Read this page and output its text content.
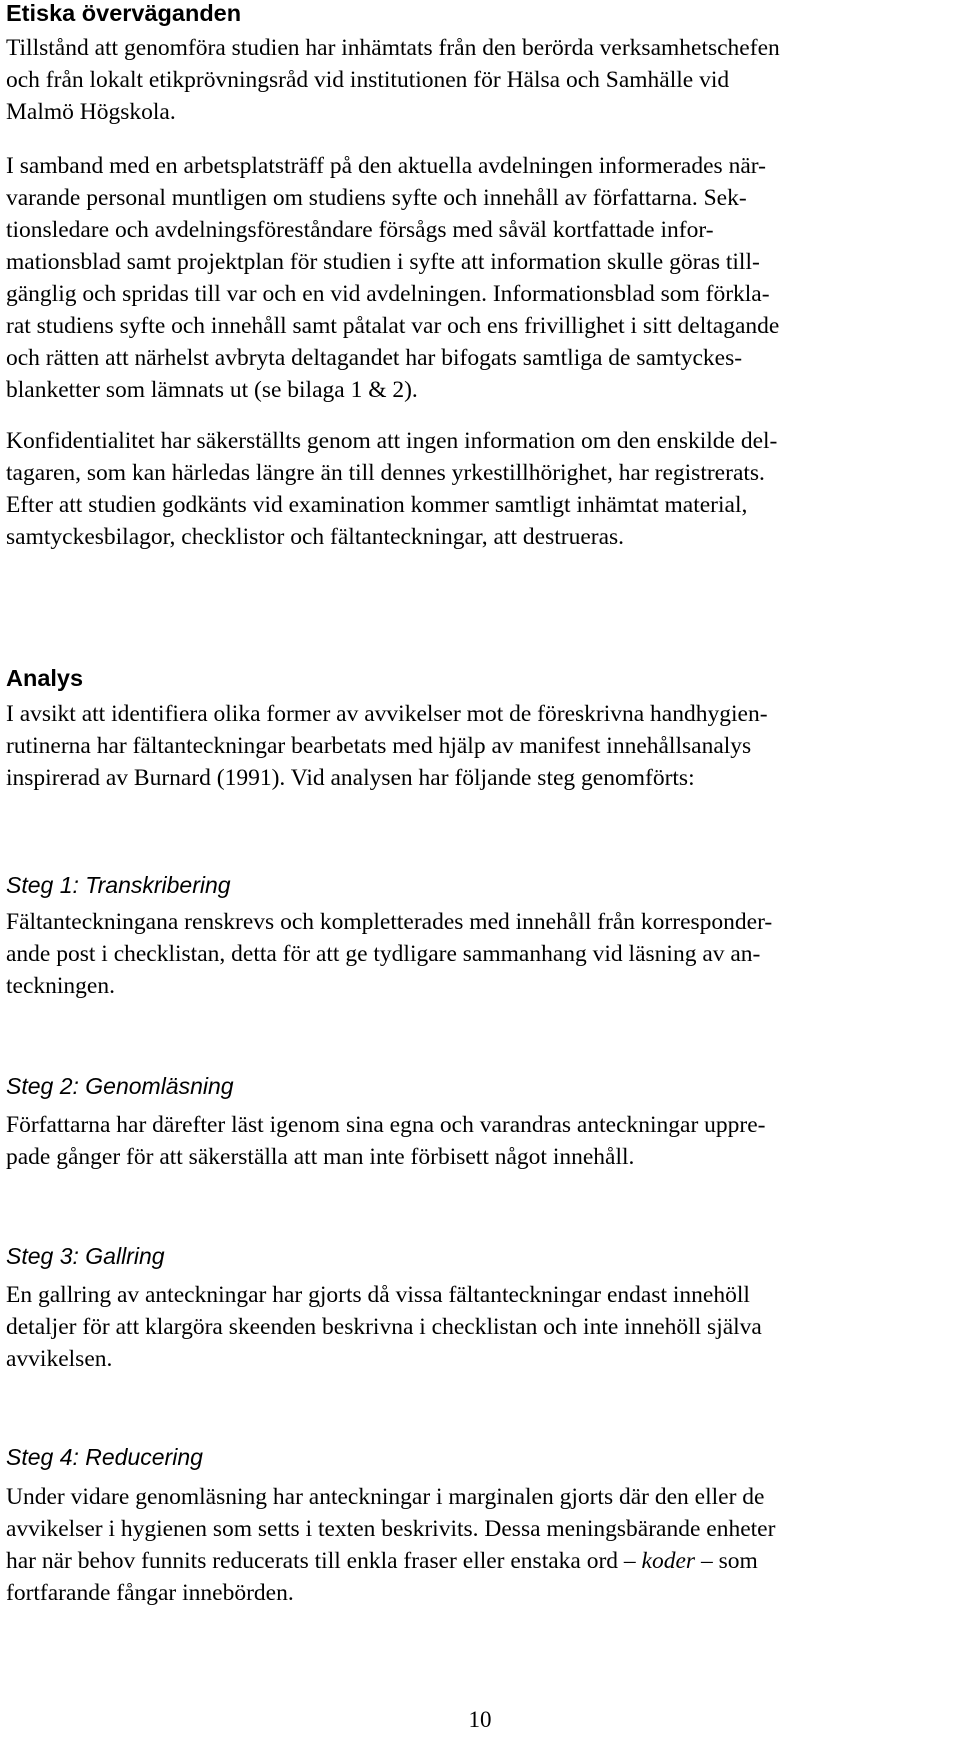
Etiska överväganden
Tillstånd att genomföra studien har inhämtats från den berörda verksamhetschefen
och från lokalt etikprövningsråd vid institutionen för Hälsa och Samhälle vid
Malmö Högskola.
I samband med en arbetsplatsträff på den aktuella avdelningen informerades när-
varande personal muntligen om studiens syfte och innehåll av författarna. Sek-
tionsledare och avdelningsföreståndare försågs med såväl kortfattade infor-
mationsblad samt projektplan för studien i syfte att information skulle göras till-
gänglig och spridas till var och en vid avdelningen. Informationsblad som förkla-
rat studiens syfte och innehåll samt påtalat var och ens frivillighet i sitt deltagande
och rätten att närhelst avbryta deltagandet har bifogats samtliga de samtyckes-
blanketter som lämnats ut (se bilaga 1 & 2).
Konfidentialitet har säkerställts genom att ingen information om den enskilde del-
tagaren, som kan härledas längre än till dennes yrkestillhörighet, har registrerats.
Efter att studien godkänts vid examination kommer samtligt inhämtat material,
samtyckesbilagor, checklistor och fältanteckningar, att destrueras.
Analys
I avsikt att identifiera olika former av avvikelser mot de föreskrivna handhygien-
rutinerna har fältanteckningar bearbetats med hjälp av manifest innehållsanalys
inspirerad av Burnard (1991). Vid analysen har följande steg genomförts:
Steg 1: Transkribering
Fältanteckningana renskrevs och kompletterades med innehåll från korresponder-
ande post i checklistan, detta för att ge tydligare sammanhang vid läsning av an-
teckningen.
Steg 2: Genomläsning
Författarna har därefter läst igenom sina egna och varandras anteckningar uppre-
pade gånger för att säkerställa att man inte förbisett något innehåll.
Steg 3: Gallring
En gallring av anteckningar har gjorts då vissa fältanteckningar endast innehöll
detaljer för att klargöra skeenden beskrivna i checklistan och inte innehöll själva
avvikelsen.
Steg 4: Reducering
Under vidare genomläsning har anteckningar i marginalen gjorts där den eller de
avvikelser i hygienen som setts i texten beskrivits. Dessa meningsbärande enheter
har när behov funnits reducerats till enkla fraser eller enstaka ord – koder – som
fortfarande fångar innebörden.
10
